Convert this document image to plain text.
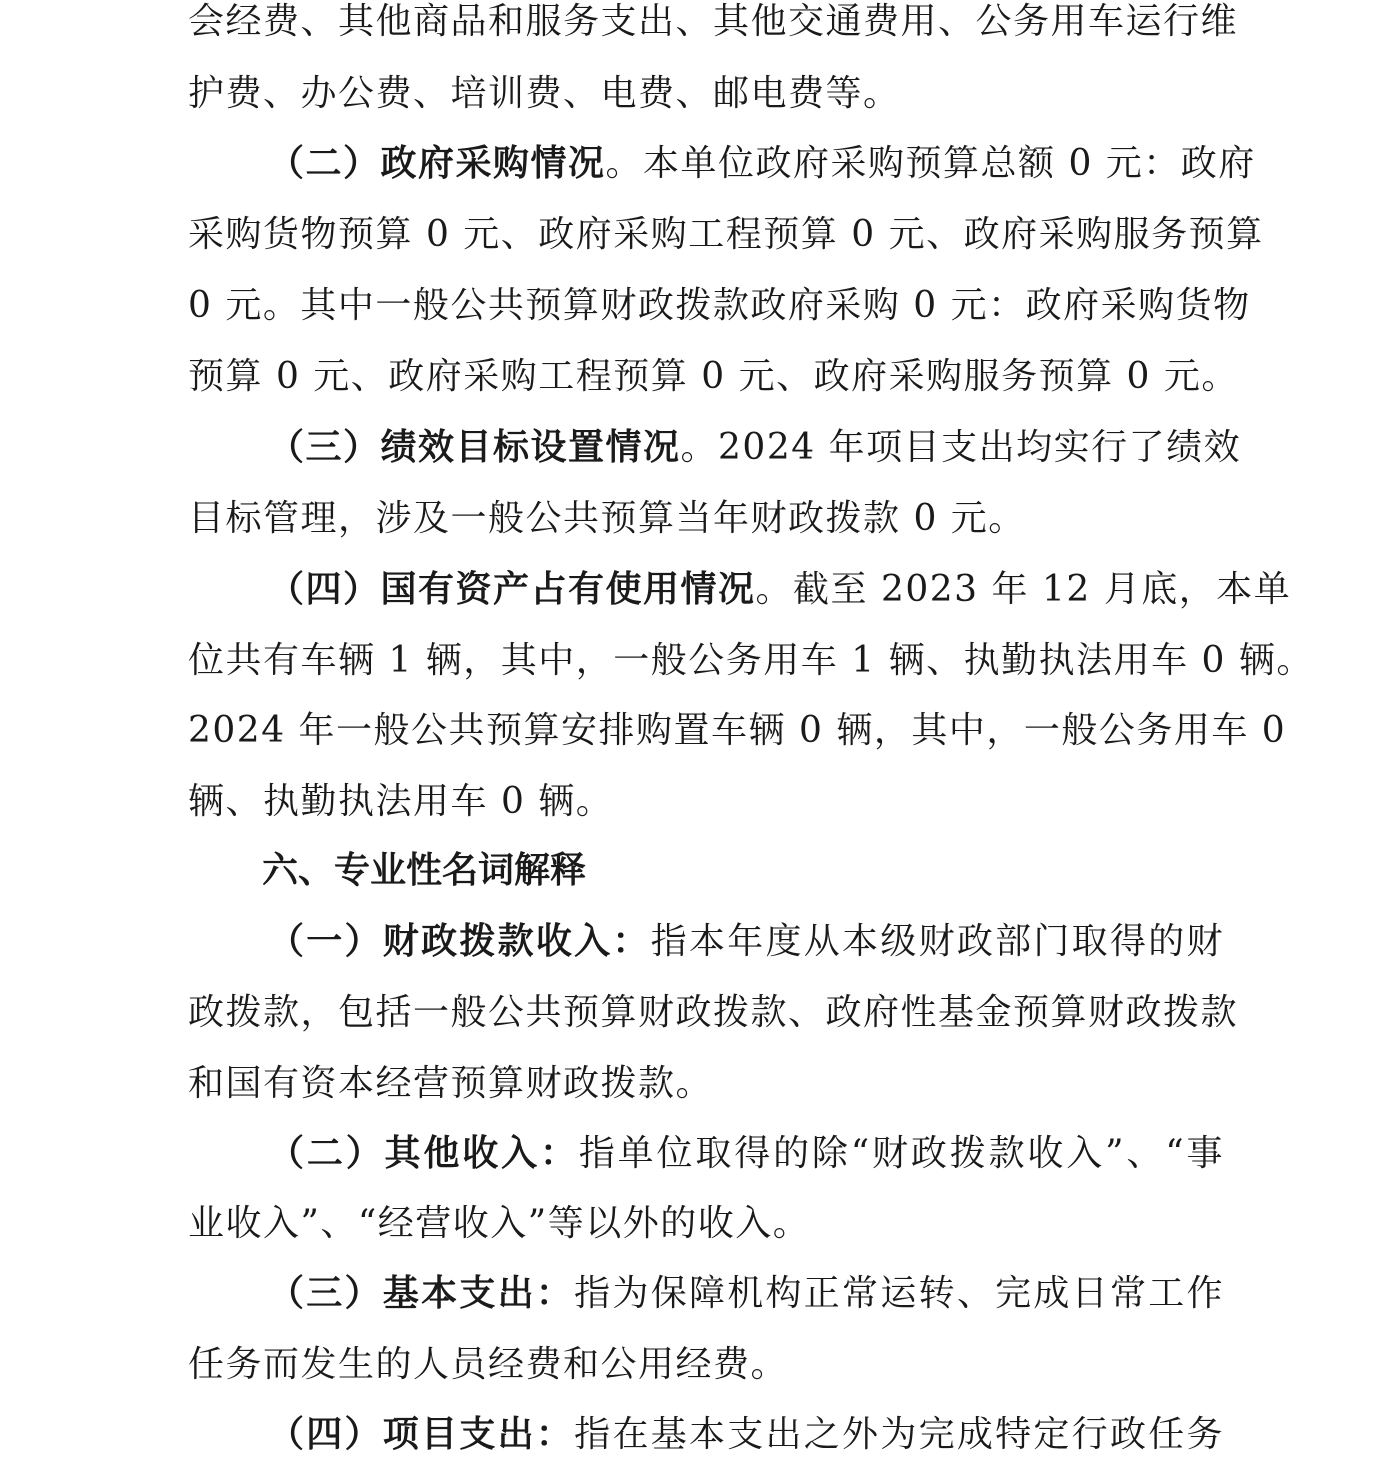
会经费、其他商品和服务支出、其他交通费用、公务用车运行维
护费、办公费、培训费、电费、邮电费等。
（二）政府采购情况。本单位政府采购预算总额 0 元：政府
采购货物预算 0 元、政府采购工程预算 0 元、政府采购服务预算
0 元。其中一般公共预算财政拨款政府采购 0 元：政府采购货物
预算 0 元、政府采购工程预算 0 元、政府采购服务预算 0 元。
（三）绩效目标设置情况。2024 年项目支出均实行了绩效
目标管理，涉及一般公共预算当年财政拨款 0 元。
（四）国有资产占有使用情况。截至 2023 年 12 月底，本单
位共有车辆 1 辆，其中，一般公务用车 1 辆、执勤执法用车 0 辆。
2024 年一般公共预算安排购置车辆 0 辆，其中，一般公务用车 0
辆、执勤执法用车 0 辆。
六、专业性名词解释
（一）财政拨款收入：指本年度从本级财政部门取得的财
政拨款，包括一般公共预算财政拨款、政府性基金预算财政拨款
和国有资本经营预算财政拨款。
（二）其他收入：指单位取得的除“财政拨款收入”、“事
业收入”、“经营收入”等以外的收入。
（三）基本支出：指为保障机构正常运转、完成日常工作
任务而发生的人员经费和公用经费。
（四）项目支出：指在基本支出之外为完成特定行政任务
